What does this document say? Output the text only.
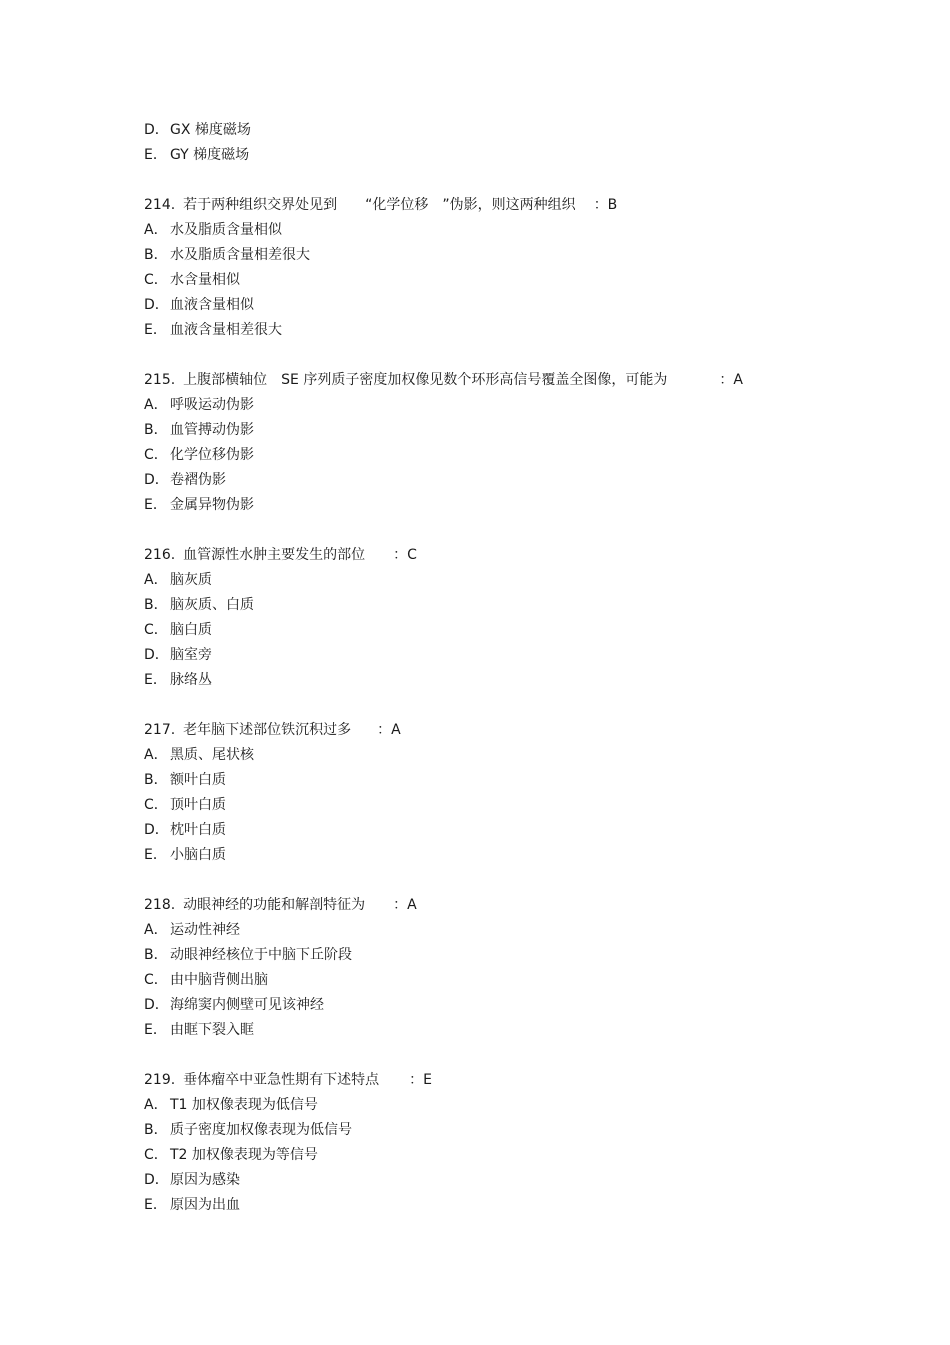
D．GX 梯度磁场
E． GY 梯度磁场
214. 若于两种组织交界处见到　　“化学位移　”伪影，则这两种组织 ：B
A． 水及脂质含量相似
B． 水及脂质含量相差很大
C． 水含量相似
D．血液含量相似
E． 血液含量相差很大
215. 上腹部横轴位　SE 序列质子密度加权像见数个环形高信号覆盖全图像，可能为	：A
A． 呼吸运动伪影
B． 血管搏动伪影
C． 化学位移伪影
D．卷褶伪影
E． 金属异物伪影
216. 血管源性水肿主要发生的部位 ：C
A． 脑灰质
B． 脑灰质、白质
C． 脑白质
D．脑室旁
E． 脉络丛
217. 老年脑下述部位铁沉积过多 ：A
A． 黑质、尾状核
B． 额叶白质
C． 顶叶白质
D．枕叶白质
E． 小脑白质
218. 动眼神经的功能和解剖特征为 ：A
A． 运动性神经
B． 动眼神经核位于中脑下丘阶段
C． 由中脑背侧出脑
D．海绵窦内侧壁可见该神经
E． 由眶下裂入眶
219. 垂体瘤卒中亚急性期有下述特点 ：E
A． T1 加权像表现为低信号
B． 质子密度加权像表现为低信号
C． T2 加权像表现为等信号
D．原因为感染
E． 原因为出血
